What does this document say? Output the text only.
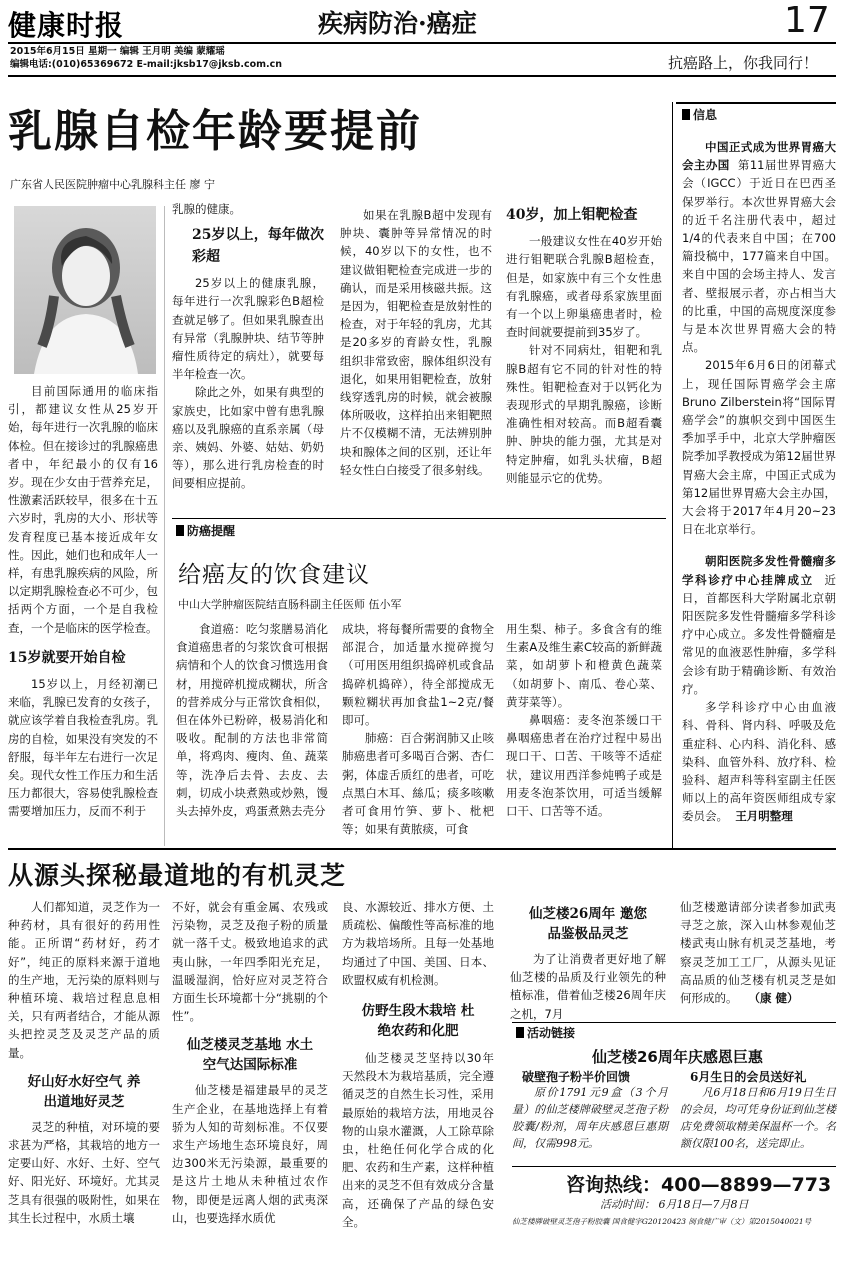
健康时报	疾病防治·癌症	17
2015年6月15日 星期一 编辑 王月明 美编 蒙耀瑶
编辑电话:(010)65369672 E-mail:jksb17@jksb.com.cn	抗癌路上，你我同行！
乳腺自检年龄要提前
广东省人民医院肿瘤中心乳腺科主任 廖 宁

目前国际通用的临床指引，都建议女性从25岁开始，每年进行一次乳腺的临床体检。但在接诊过的乳腺癌患者中，年纪最小的仅有16岁。现在少女由于营养充足，性激素活跃较早，很多在十五六岁时，乳房的大小、形状等发育程度已基本接近成年女性。因此，她们也和成年人一样，有患乳腺疾病的风险，所以定期乳腺检查必不可少，包括两个方面，一个是自我检查，一个是临床的医学检查。

15岁就要开始自检

15岁以上，月经初潮已来临，乳腺已发育的女孩子，就应该学着自我检查乳房。乳房的自检，如果没有突发的不舒服，每半年左右进行一次足矣。现代女性工作压力和生活压力都很大，容易使乳腺检查需要增加压力，反而不利于

乳腺的健康。
25岁以上，每年做次彩超

25岁以上的健康乳腺，每年进行一次乳腺彩色B超检查就足够了。但如果乳腺查出有异常（乳腺肿块、结节等肿瘤性质待定的病灶），就要每半年检查一次。

除此之外，如果有典型的家族史，比如家中曾有患乳腺癌以及乳腺癌的直系亲属（母亲、姨妈、外婆、姑姑、奶奶等），那么进行乳房检查的时间要相应提前。

如果在乳腺B超中发现有肿块、囊肿等异常情况的时候，40岁以下的女性，也不建议做钼靶检查完成进一步的确认，而是采用核磁共振。这是因为，钼靶检查是放射性的检查，对于年轻的乳房，尤其是20多岁的育龄女性，乳腺组织非常致密，腺体组织没有退化，如果用钼靶检查，放射线穿透乳房的时候，就会被腺体所吸收，这样拍出来钼靶照片不仅模糊不清，无法辨别肿块和腺体之间的区别，还让年轻女性白白接受了很多射线。

40岁，加上钼靶检查

一般建议女性在40岁开始进行钼靶联合乳腺B超检查，但是，如家族中有三个女性患有乳腺癌，或者母系家族里面有一个以上卵巢癌患者时，检查时间就要提前到35岁了。

针对不同病灶，钼靶和乳腺B超有它不同的针对性的特殊性。钼靶检查对于以钙化为表现形式的早期乳腺癌，诊断准确性相对较高。而B超看囊肿、肿块的能力强，尤其是对特定肿瘤，如乳头状瘤，B超则能显示它的优势。

信息

中国正式成为世界胃癌大会主办国 第11届世界胃癌大会（IGCC）于近日在巴西圣保罗举行。本次世界胃癌大会的近千名注册代表中，超过1/4的代表来自中国；在700篇投稿中，177篇来自中国。来自中国的会场主持人、发言者、壁报展示者，亦占相当大的比重，中国的高规度深度参与是本次世界胃癌大会的特点。

2015年6月6日的闭幕式上，现任国际胃癌学会主席Bruno Zilberstein将“国际胃癌学会”的旗帜交到中国医生季加孚手中，北京大学肿瘤医院季加孚教授成为第12届世界胃癌大会主席，中国正式成为第12届世界胃癌大会主办国，大会将于2017年4月20~23日在北京举行。

朝阳医院多发性骨髓瘤多学科诊疗中心挂牌成立 近日，首都医科大学附属北京朝阳医院多发性骨髓瘤多学科诊疗中心成立。多发性骨髓瘤是常见的血液恶性肿瘤，多学科会诊有助于精确诊断、有效治疗。

多学科诊疗中心由血液科、骨科、肾内科、呼吸及危重症科、心内科、消化科、感染科、血管外科、放疗科、检验科、超声科等科室副主任医师以上的高年资医师组成专家委员会。 王月明整理

防癌提醒
给癌友的饮食建议
中山大学肿瘤医院结直肠科副主任医师 伍小军

食道癌：吃匀浆膳易消化 食道癌患者的匀浆饮食可根据病情和个人的饮食习惯选用食材，用搅碎机搅成糊状，所含的营养成分与正常饮食相似，但在体外已粉碎，极易消化和吸收。配制的方法也非常简单，将鸡肉、瘦肉、鱼、蔬菜等，洗净后去骨、去皮、去刺，切成小块煮熟或炒熟，馒头去掉外皮，鸡蛋煮熟去壳分

成块，将每餐所需要的食物全部混合，加适量水搅碎搅匀（可用医用组织捣碎机或食品捣碎机捣碎），待全部搅成无颗粒糊状再加食盐1~2克/餐即可。

肺癌：百合粥润肺又止咳 肺癌患者可多喝百合粥、杏仁粥，体虚舌质红的患者，可吃点黑白木耳、絲瓜；痰多咳嗽者可食用竹笋、萝卜、枇杷等；如果有黄脓痰，可食

用生梨、柿子。多食含有的维生素A及维生素C较高的新鲜蔬菜，如胡萝卜和橙黄色蔬菜（如胡萝卜、南瓜、卷心菜、黄芽菜等）。

鼻咽癌：麦冬泡茶缓口干 鼻咽癌患者在治疗过程中易出现口干、口苦、干咳等不适症状，建议用西洋参炖鸭子或是用麦冬泡茶饮用，可适当缓解口干、口苦等不适。

从源头探秘最道地的有机灵芝

人们都知道，灵芝作为一种药材，具有很好的药用性能。正所谓“药材好，药才好”，纯正的原料来源于道地的生产地，无污染的原料则与种植环境、栽培过程息息相关，只有两者结合，才能从源头把控灵芝及灵芝产品的质量。

好山好水好空气 养出道地好灵芝

灵芝的种植，对环境的要求甚为严格，其栽培的地方一定要山好、水好、土好、空气好、阳光好、环境好。尤其灵芝具有很强的吸附性，如果在其生长过程中，水质土壤

不好，就会有重金属、农残或污染物，灵芝及孢子粉的质量就一落千丈。极致地追求的武夷山脉，一年四季阳光充足，温暖湿润，恰好应对灵芝符合方面生长环境都十分“挑剔的个性”。
仙芝楼灵芝基地 水土空气达国际标准

仙芝楼是福建最早的灵芝生产企业，在基地选择上有着骄为人知的苛刻标准。不仅要求生产场地生态环境良好，周边300米无污染源，最重要的是这片土地从未种植过农作物，即便是远离人烟的武夷深山，也要选择水质优

良、水源较近、排水方便、土质疏松、偏酸性等高标准的地方为栽培场所。且每一处基地均通过了中国、美国、日本、欧盟权威有机检测。
仿野生段木栽培 杜绝农药和化肥

仙芝楼灵芝坚持以30年天然段木为栽培基质，完全遵循灵芝的自然生长习性，采用最原始的栽培方法，用地灵谷物的山泉水灌溉，人工除草除虫，杜绝任何化学合成的化肥、农药和生产素，这样种植出来的灵芝不但有效成分含量高，还确保了产品的绿色安全。

仙芝楼26周年 邀您品鉴极品灵芝

为了让消费者更好地了解仙芝楼的品质及行业领先的种植标准，借着仙芝楼26周年庆之机，7月

仙芝楼邀请部分读者参加武夷寻芝之旅，深入山林参观仙芝楼武夷山脉有机灵芝基地，考察灵芝加工工厂，从源头见证高品质的仙芝楼有机灵芝是如何形成的。 （康 健）
活动链接
仙芝楼26周年庆感恩巨惠
破壁孢子粉半价回馈

原价1791元9盒（3个月量）的仙芝楼牌破壁灵芝孢子粉胶囊/粉剂，周年庆感恩巨惠期间，仅需998元。

6月生日的会员送好礼

凡6月18日和6月19日生日的会员，均可凭身份证到仙芝楼店免费领取精美保温杯一个。名额仅限100名，送完即止。

咨询热线：400—8899—773
活动时间： 6月18日—7月8日
仙芝楼牌破壁灵芝孢子粉胶囊 国食健字G20120423 闽食健广审（文）第2015040021号
